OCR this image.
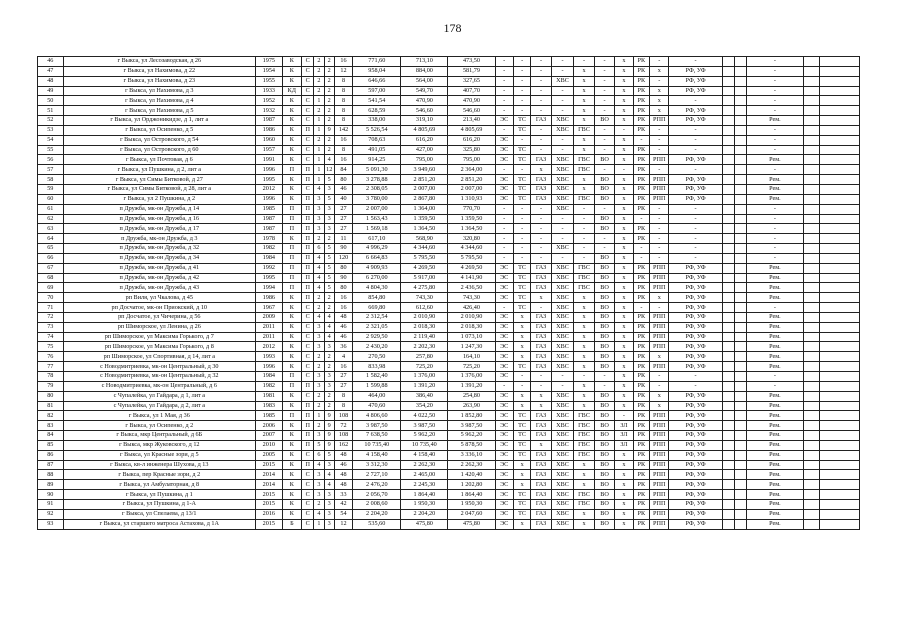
178
46	г Выкса, ул Лесозаводская, д 26	1975	К	С	2	2	16	771,60	713,10	473,50	-	-	-	-	-	-	х	РК	-	-			-		
47	г Выкса, ул Нахимова, д 22	1954	К	С	2	2	12	958,04	884,00	581,79	-	-	-	-	х	-	х	РК	х	РФ, УФ			-		
48	г Выкса, ул Нахимова, д 23	1955	К	С	2	2	8	646,66	564,00	327,65	-	-	-	ХВС	х	-	х	РК	-	РФ, УФ			-		
49	г Выкса, ул Нахимова, д 3	1933	КД	С	2	2	8	597,00	549,70	407,70	-	-	-	-	х	-	х	РК	х	РФ, УФ			-		
50	г Выкса, ул Нахимова, д 4	1952	К	С	1	2	8	541,54	470,90	470,90	-	-	-	-	х	-	х	РК	х	-			-		
51	г Выкса, ул Нахимова, д 5	1932	К	С	2	2	8	628,59	546,60	546,60	-	-	-	-	х	-	х	РК	х	РФ, УФ			-		
52	г Выкса, ул Орджоникидзе, д 1, лит а	1987	К	С	1	2	8	338,00	319,10	213,40	ЭС	ТС	ГАЗ	ХВС	х	ВО	х	РК	РПП	РФ, УФ			Рем.		
53	г Выкса, ул Осипенко, д 5	1986	К	П	1	9	142	5 526,54	4 805,69	4 805,69	-	ТС	-	ХВС	ГВС	-	-	РК	-	-			-		
54	г Выкса, ул Островского, д 54	1960	К	С	2	2	16	708,63	616,20	616,20	ЭС	-	-	-	х	-	х	-	-	-			-		
55	г Выкса, ул Островского, д 60	1957	К	С	1	2	8	491,05	427,00	325,80	ЭС	ТС	-	-	х	-	х	РК	-	-			-		
56	г Выкса, ул Почтовая, д 6	1991	К	С	1	4	16	914,25	795,00	795,00	ЭС	ТС	ГАЗ	ХВС	ГВС	ВО	х	РК	РПП	РФ, УФ			Рем.		
57	г Выкса, ул Пушкина, д 2, лит а	1996	П	П	1	12	84	5 091,30	3 949,60	2 364,00	-	-	х	ХВС	ГВС	-	-	РК	-	-			-		
58	г Выкса, ул Симы Битковой, д 27	1995	К	П	1	5	80	3 278,88	2 851,20	2 851,20	ЭС	ТС	ГАЗ	ХВС	х	ВО	х	РК	РПП	РФ, УФ			Рем.		
59	г Выкса, ул Симы Битковой, д 28, лит а	2012	К	С	4	3	46	2 308,05	2 007,00	2 007,00	ЭС	ТС	ГАЗ	ХВС	х	ВО	х	РК	РПП	РФ, УФ			Рем.		
60	г Выкса, ул 2 Пушкина, д 2	1996	К	П	3	5	40	3 780,00	2 867,80	1 310,93	ЭС	ТС	ГАЗ	ХВС	ГВС	ВО	х	РК	РПП	РФ, УФ			Рем.		
61	п Дружба, мк-он Дружба, д 14	1985	П	П	3	3	27	2 007,00	1 364,00	770,70	-	-	-	ХВС	-	-	х	РК	-	-			-		
62	п Дружба, мк-он Дружба, д 16	1987	П	П	3	3	27	1 563,43	1 359,50	1 359,50	-	-	-	-	-	ВО	х	-	-	-			-		
63	п Дружба, мк-он Дружба, д 17	1987	П	П	3	3	27	1 569,18	1 364,50	1 364,50	-	-	-	-	-	ВО	х	РК	-	-			-		
64	п Дружба, мк-он Дружба, д 3	1978	К	П	2	2	11	617,10	568,90	320,80	-	-	-	-	-	-	х	РК	-	-			-		
65	п Дружба, мк-он Дружба, д 32	1982	П	П	6	5	90	4 996,29	4 344,60	4 344,60	-	-	-	ХВС	-	-	х	-	-	-			-		
66	п Дружба, мк-он Дружба, д 34	1984	П	П	4	5	120	6 664,83	5 795,50	5 795,50	-	-	-	-	-	ВО	х	-	-	-			-		
67	п Дружба, мк-он Дружба, д 41	1992	П	П	4	5	80	4 909,93	4 269,50	4 269,50	ЭС	ТС	ГАЗ	ХВС	ГВС	ВО	х	РК	РПП	РФ, УФ			Рем.		
68	п Дружба, мк-он Дружба, д 42	1995	П	П	4	5	90	6 270,00	5 917,00	4 141,90	ЭС	ТС	ГАЗ	ХВС	ГВС	ВО	х	РК	РПП	РФ, УФ			Рем.		
69	п Дружба, мк-он Дружба, д 43	1994	П	П	4	5	80	4 804,30	4 275,80	2 436,50	ЭС	ТС	ГАЗ	ХВС	ГВС	ВО	х	РК	РПП	РФ, УФ			Рем.		
70	рп Виля, ул Чкалова, д 45	1986	К	П	2	2	16	854,80	743,30	743,30	ЭС	ТС	х	ХВС	х	ВО	х	РК	х	РФ, УФ			Рем.		
71	рп Досчатое, мк-он Приокский, д 10	1967	К	С	2	2	16	669,80	612,60	426,40	-	ТС	-	ХВС	х	ВО	х	-	-	РФ, УФ			-		
72	рп Досчатое, ул Чичерина, д 56	2009	К	С	4	4	48	2 312,54	2 010,90	2 010,90	ЭС	х	ГАЗ	ХВС	х	ВО	х	РК	РПП	РФ, УФ			Рем.		
73	рп Шиморское, ул Ленина, д 26	2011	К	С	3	4	46	2 321,05	2 018,30	2 018,30	ЭС	х	ГАЗ	ХВС	х	ВО	х	РК	РПП	РФ, УФ			Рем.		
74	рп Шиморское, ул Максима Горького, д 7	2011	К	С	3	4	46	2 929,50	2 119,40	1 073,10	ЭС	х	ГАЗ	ХВС	х	ВО	х	РК	РПП	РФ, УФ			Рем.		
75	рп Шиморское, ул Максима Горького, д 8	2012	К	С	3	3	36	2 430,20	2 202,30	1 247,30	ЭС	х	ГАЗ	ХВС	х	ВО	х	РК	РПП	РФ, УФ			Рем.		
76	рп Шиморское, ул Спортивная, д 14, лит а	1993	К	С	2	2	4	270,50	257,80	164,10	ЭС	х	ГАЗ	ХВС	х	ВО	х	РК	х	РФ, УФ			Рем.		
77	с Новодмитриевка, мк-он Центральный, д 30	1996	К	С	2	2	16	833,98	725,20	725,20	ЭС	ТС	ГАЗ	ХВС	х	ВО	х	РК	РПП	РФ, УФ			Рем.		
78	с Новодмитриевка, мк-он Центральный, д 32	1984	П	С	3	3	27	1 582,40	1 376,00	1 376,00	ЭС	-	-	-	-	-	х	РК	-	-			-		
79	с Новодмитриевка, мк-он Центральный, д 6	1982	П	П	3	3	27	1 599,88	1 391,20	1 391,20	-	-	-	-	х	-	х	РК	-	-			-		
80	с Чупалейка, ул Гайдара, д 1, лит а	1981	К	С	2	2	8	464,00	386,40	254,80	ЭС	х	х	ХВС	х	ВО	х	РК	х	РФ, УФ			Рем.		
81	с Чупалейка, ул Гайдара, д 2, лит а	1983	К	П	2	2	8	470,60	354,20	263,90	ЭС	х	х	ХВС	х	ВО	х	РК	х	РФ, УФ			Рем.		
82	г Выкса, ул 1 Мая, д 36	1985	П	П	1	9	108	4 806,60	4 022,50	1 852,80	ЭС	ТС	ГАЗ	ХВС	ГВС	ВО	-	РК	РПП	РФ, УФ			Рем.		
83	г Выкса, ул Осипенко, д 2	2006	К	П	2	9	72	3 987,50	3 987,50	3 987,50	ЭС	ТС	ГАЗ	ХВС	ГВС	ВО	ЗЛ	РК	РПП	РФ, УФ			Рем.		
84	г Выкса, мкр Центральный, д 6Б	2007	К	П	3	9	108	7 638,50	5 962,20	5 962,20	ЭС	ТС	ГАЗ	ХВС	ГВС	ВО	ЗЛ	РК	РПП	РФ, УФ			Рем.		
85	г Выкса, мкр Жуковского, д 12	2010	К	П	5	9	162	10 735,40	10 735,40	5 878,50	ЭС	ТС	х	ХВС	ГВС	ВО	ЗЛ	РК	РПП	РФ, УФ			Рем.		
86	г Выкса, ул Красные зори, д 5	2005	К	С	6	5	48	4 158,40	4 158,40	3 336,10	ЭС	ТС	ГАЗ	ХВС	ГВС	ВО	х	РК	РПП	РФ, УФ			Рем.		
87	г Выкса, кв-л инженера Шухова, д 13	2015	К	П	4	3	46	3 312,30	2 262,30	2 262,30	ЭС	х	ГАЗ	ХВС	х	ВО	х	РК	РПП	РФ, УФ			Рем.		
88	г Выкса, пер Красные зори, д 2	2014	К	С	3	4	48	2 727,10	2 465,00	1 420,40	ЭС	х	ГАЗ	ХВС	х	ВО	х	РК	РПП	РФ, УФ			Рем.		
89	г Выкса, ул Амбулаторная, д 8	2014	К	С	3	4	48	2 476,20	2 245,30	1 202,80	ЭС	х	ГАЗ	ХВС	х	ВО	х	РК	РПП	РФ, УФ			Рем.		
90	г Выкса, ул Пушкина, д 1	2015	К	С	3	3	33	2 056,70	1 864,40	1 864,40	ЭС	ТС	ГАЗ	ХВС	ГВС	ВО	х	РК	РПП	РФ, УФ			Рем.		
91	г Выкса, ул Пушкина, д 1-А	2015	К	С	2	3	42	2 008,60	1 950,30	1 950,30	ЭС	ТС	ГАЗ	ХВС	ГВС	ВО	х	РК	РПП	РФ, УФ			Рем.		
92	г Выкса, ул Спелаева, д 13/1	2016	К	С	4	3	54	2 204,20	2 204,20	2 047,60	ЭС	ТС	ГАЗ	ХВС	х	ВО	х	РК	РПП	РФ, УФ			Рем.		
93	г Выкса, ул старшего матроса Астахова, д 1А	2015	Б	С	1	3	12	535,60	475,80	475,80	ЭС	х	ГАЗ	ХВС	х	ВО	х	РК	РПП	РФ, УФ			Рем.		
